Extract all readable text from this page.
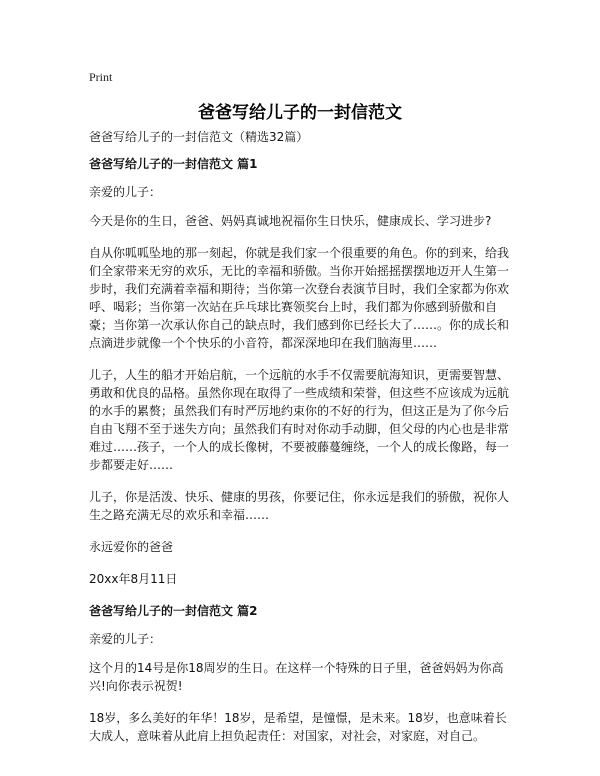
Print
爸爸写给儿子的一封信范文

爸爸写给儿子的一封信范文（精选32篇）

爸爸写给儿子的一封信范文 篇1

亲爱的儿子：

今天是你的生日，爸爸、妈妈真诚地祝福你生日快乐，健康成长、学习进步?

自从你呱呱坠地的那一刻起，你就是我们家一个很重要的角色。你的到来，给我们全家带来无穷的欢乐，无比的幸福和骄傲。当你开始摇摇摆摆地迈开人生第一步时，我们充满着幸福和期待；当你第一次登台表演节目时，我们全家都为你欢呼、喝彩；当你第一次站在乒乓球比赛领奖台上时，我们都为你感到骄傲和自豪；当你第一次承认你自己的缺点时，我们感到你已经长大了……。你的成长和点滴进步就像一个个快乐的小音符，都深深地印在我们脑海里……

儿子，人生的船才开始启航，一个远航的水手不仅需要航海知识，更需要智慧、勇敢和优良的品格。虽然你现在取得了一些成绩和荣誉，但这些不应该成为远航的水手的累赘；虽然我们有时严厉地约束你的不好的行为，但这正是为了你今后自由飞翔不至于迷失方向；虽然我们有时对你动手动脚，但父母的内心也是非常难过……孩子，一个人的成长像树，不要被藤蔓缠绕，一个人的成长像路，每一步都要走好……

儿子，你是活泼、快乐、健康的男孩，你要记住，你永远是我们的骄傲，祝你人生之路充满无尽的欢乐和幸福……

永远爱你的爸爸

20xx年8月11日

爸爸写给儿子的一封信范文 篇2

亲爱的儿子：

这个月的14号是你18周岁的生日。在这样一个特殊的日子里，爸爸妈妈为你高兴!向你表示祝贺!

18岁，多么美好的年华！18岁，是希望，是憧憬，是未来。18岁，也意味着长大成人，意味着从此肩上担负起责任：对国家，对社会，对家庭，对自己。
